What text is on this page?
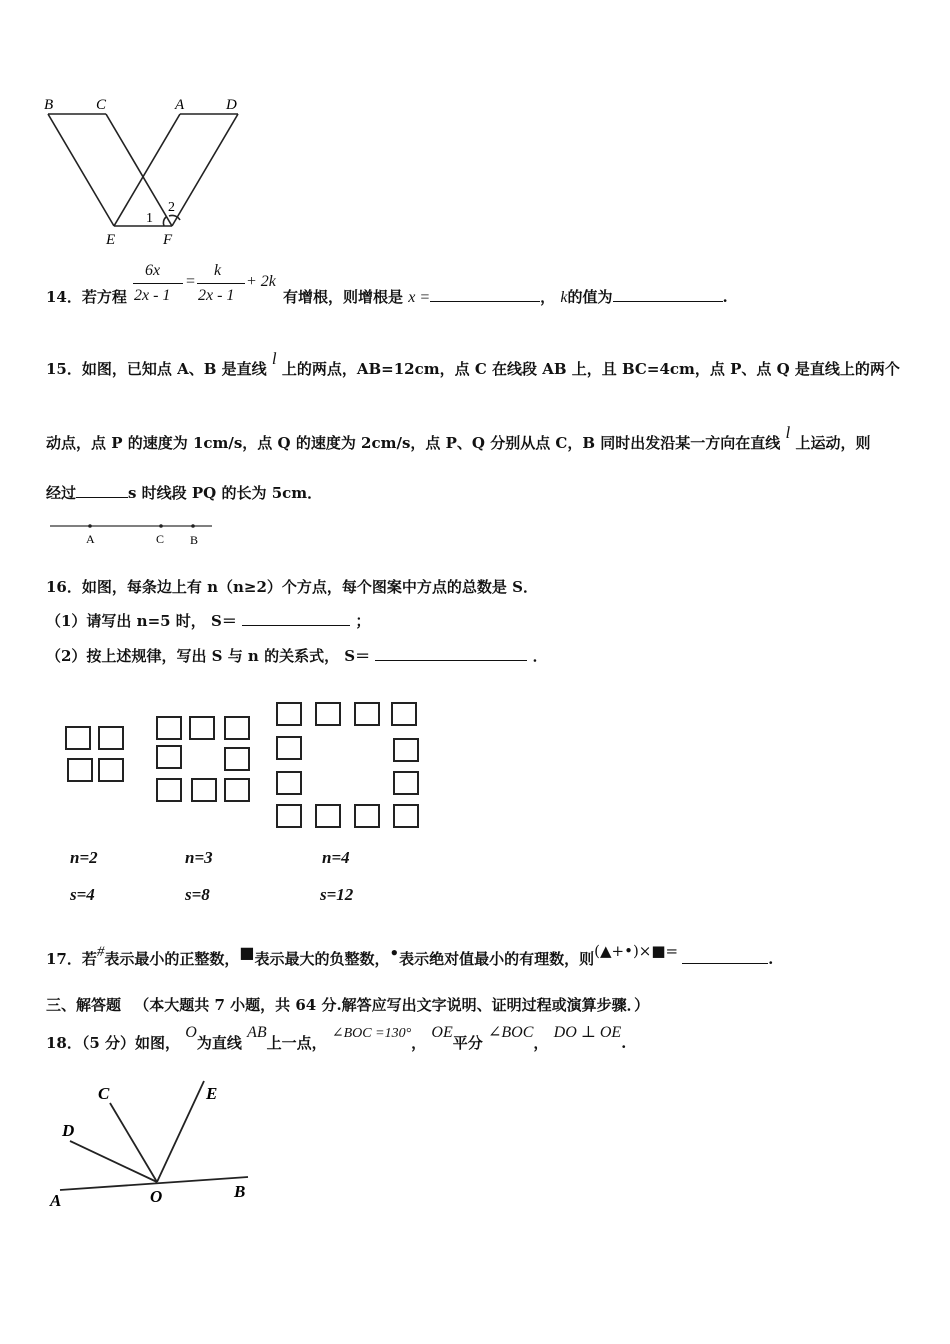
B	C	A	D
E	F
1
2
14．若方程
6x
2x - 1
=
k
2x - 1
+ 2k
有增根，则增根是 x =	， k的值为	.
15．如图，已知点 A、B 是直线 l 上的两点，AB=12cm，点 C 在线段 AB 上，且 BC=4cm，点 P、点 Q 是直线上的两个
动点，点 P 的速度为 1cm/s，点 Q 的速度为 2cm/s，点 P、Q 分别从点 C，B 同时出发沿某一方向在直线 l 上运动，则
经过	s 时线段 PQ 的长为 5cm．
A	C B
16．如图，每条边上有 n（n≥2）个方点，每个图案中方点的总数是 S．
（1）请写出 n=5 时， S＝	；
（2）按上述规律，写出 S 与 n 的关系式， S＝	．
n=2	n=3	n=4
s=4	s=8	s=12
17．若#表示最小的正整数，■表示最大的负整数，•表示绝对值最小的有理数，则(▲+•)×■=	.
三、解答题 （本大题共 7 小题，共 64 分.解答应写出文字说明、证明过程或演算步骤．）
18．（5 分）如图， O为直线 AB上一点， ∠BOC =130°， OE平分 ∠BOC， DO ⊥ OE.
C	E
D
A	O	B
